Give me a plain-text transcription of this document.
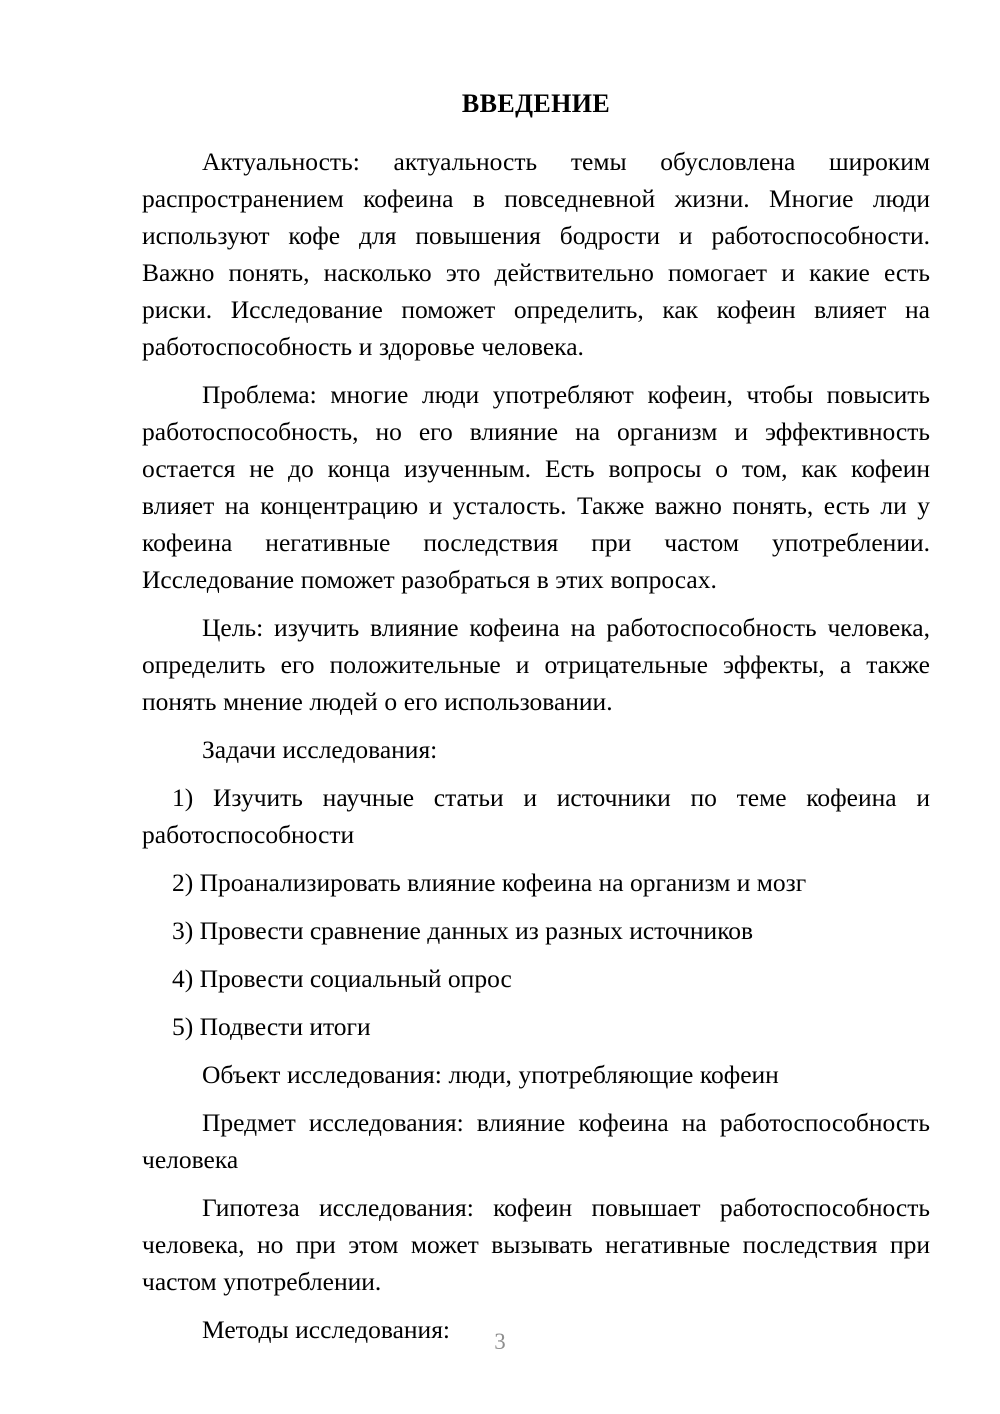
ВВЕДЕНИЕ

Актуальность: актуальность темы обусловлена широким распространением кофеина в повседневной жизни. Многие люди используют кофе для повышения бодрости и работоспособности. Важно понять, насколько это действительно помогает и какие есть риски. Исследование поможет определить, как кофеин влияет на работоспособность и здоровье человека.

Проблема: многие люди употребляют кофеин, чтобы повысить работоспособность, но его влияние на организм и эффективность остается не до конца изученным. Есть вопросы о том, как кофеин влияет на концентрацию и усталость. Также важно понять, есть ли у кофеина негативные последствия при частом употреблении. Исследование поможет разобраться в этих вопросах.

Цель: изучить влияние кофеина на работоспособность человека, определить его положительные и отрицательные эффекты, а также понять мнение людей о его использовании.

Задачи исследования:

1) Изучить научные статьи и источники по теме кофеина и работоспособности

2) Проанализировать влияние кофеина на организм и мозг

3) Провести сравнение данных из разных источников

4) Провести социальный опрос

5) Подвести итоги

Объект исследования: люди, употребляющие кофеин

Предмет исследования: влияние кофеина на работоспособность человека

Гипотеза исследования: кофеин повышает работоспособность человека, но при этом может вызывать негативные последствия при частом употреблении.

Методы исследования:	3
